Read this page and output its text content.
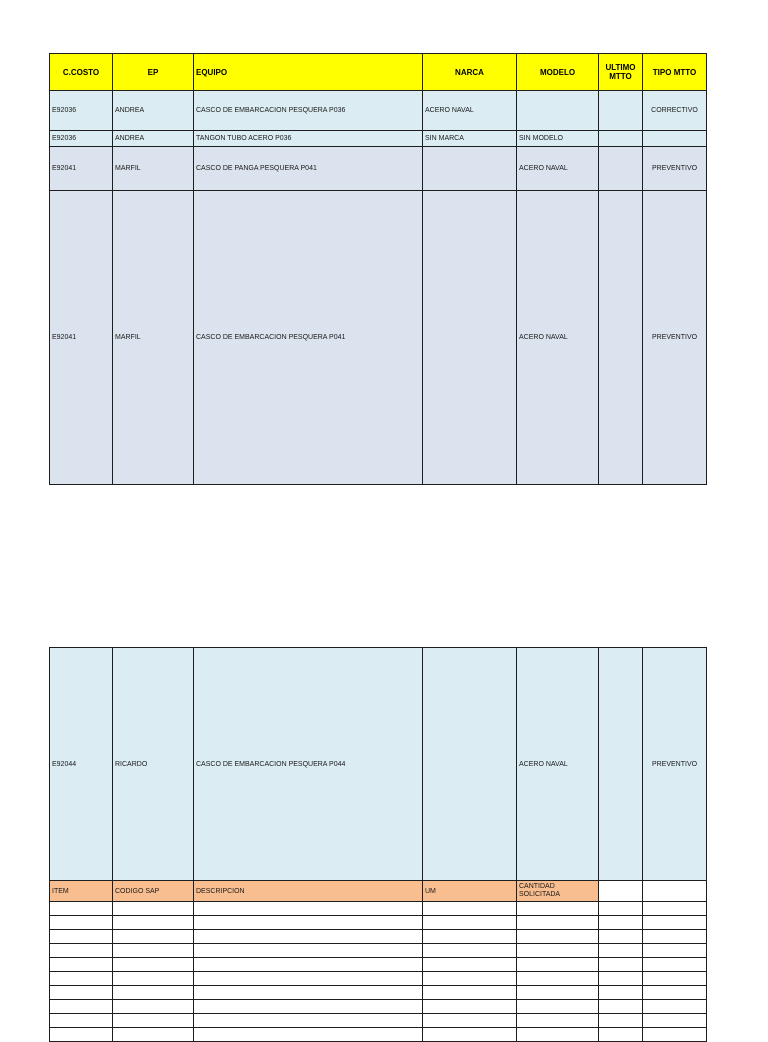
C.COSTO	EP	EQUIPO	NARCA	MODELO	ULTIMO MTTO	TIPO MTTO
E92036	ANDREA	CASCO DE EMBARCACION PESQUERA P036	ACERO NAVAL			CORRECTIVO
E92036	ANDREA	TANGON TUBO ACERO P036	SIN MARCA	SIN MODELO		
E92041	MARFIL	CASCO DE PANGA PESQUERA P041		ACERO NAVAL		PREVENTIVO
E92041	MARFIL	CASCO DE EMBARCACION PESQUERA P041		ACERO NAVAL		PREVENTIVO
E92044	RICARDO	CASCO DE EMBARCACION PESQUERA P044		ACERO NAVAL		PREVENTIVO
ITEM	CODIGO SAP	DESCRIPCION	UM	CANTIDAD SOLICITADA		
